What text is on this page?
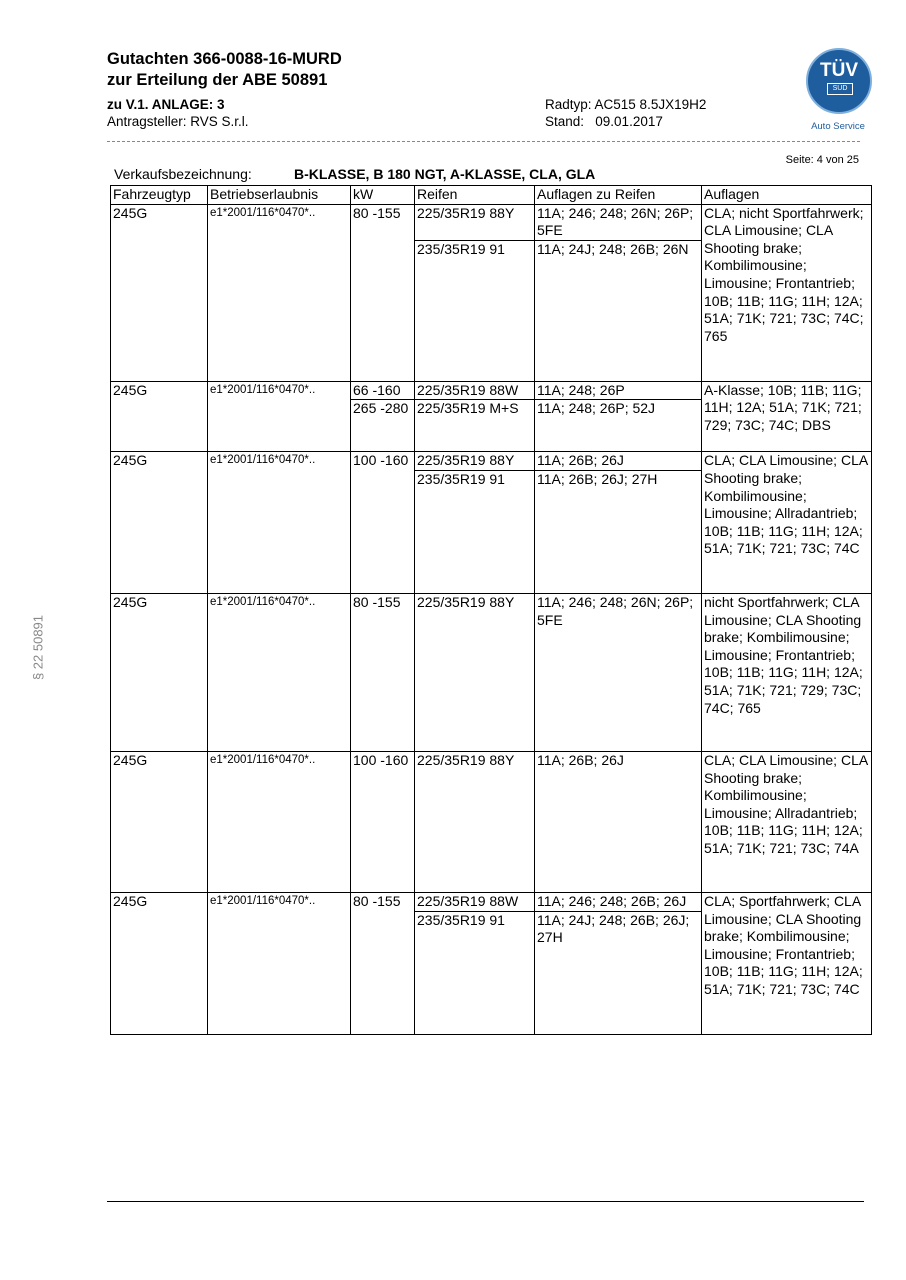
Gutachten 366-0088-16-MURD
zur Erteilung der ABE 50891
zu V.1. ANLAGE: 3
Antragsteller: RVS S.r.l.
Radtyp: AC515 8.5JX19H2
Stand:   09.01.2017
TÜV
SÜD
Auto Service
Seite: 4 von 25
§ 22 50891
Verkaufsbezeichnung:	B-KLASSE, B 180 NGT, A-KLASSE, CLA, GLA
Fahrzeugtyp	Betriebserlaubnis	kW	Reifen	Auflagen zu Reifen	Auflagen
245G	e1*2001/116*0470*..	80 -155	225/35R19 88Y	11A; 246; 248; 26N; 26P; 5FE	CLA; nicht Sportfahrwerk; CLA Limousine; CLA Shooting brake; Kombilimousine; Limousine; Frontantrieb; 10B; 11B; 11G; 11H; 12A; 51A; 71K; 721; 73C; 74C; 765
			235/35R19 91	11A; 24J; 248; 26B; 26N	
245G	e1*2001/116*0470*..	66 -160	225/35R19 88W	11A; 248; 26P	A-Klasse; 10B; 11B; 11G; 11H; 12A; 51A; 71K; 721; 729; 73C; 74C; DBS
		265 -280	225/35R19 M+S	11A; 248; 26P; 52J	
245G	e1*2001/116*0470*..	100 -160	225/35R19 88Y	11A; 26B; 26J	CLA; CLA Limousine; CLA Shooting brake; Kombilimousine; Limousine; Allradantrieb; 10B; 11B; 11G; 11H; 12A; 51A; 71K; 721; 73C; 74C
			235/35R19 91	11A; 26B; 26J; 27H	
245G	e1*2001/116*0470*..	80 -155	225/35R19 88Y	11A; 246; 248; 26N; 26P; 5FE	nicht Sportfahrwerk; CLA Limousine; CLA Shooting brake; Kombilimousine; Limousine; Frontantrieb; 10B; 11B; 11G; 11H; 12A; 51A; 71K; 721; 729; 73C; 74C; 765
245G	e1*2001/116*0470*..	100 -160	225/35R19 88Y	11A; 26B; 26J	CLA; CLA Limousine; CLA Shooting brake; Kombilimousine; Limousine; Allradantrieb; 10B; 11B; 11G; 11H; 12A; 51A; 71K; 721; 73C; 74A
245G	e1*2001/116*0470*..	80 -155	225/35R19 88W	11A; 246; 248; 26B; 26J	CLA; Sportfahrwerk; CLA Limousine; CLA Shooting brake; Kombilimousine; Limousine; Frontantrieb; 10B; 11B; 11G; 11H; 12A; 51A; 71K; 721; 73C; 74C
			235/35R19 91	11A; 24J; 248; 26B; 26J; 27H	
